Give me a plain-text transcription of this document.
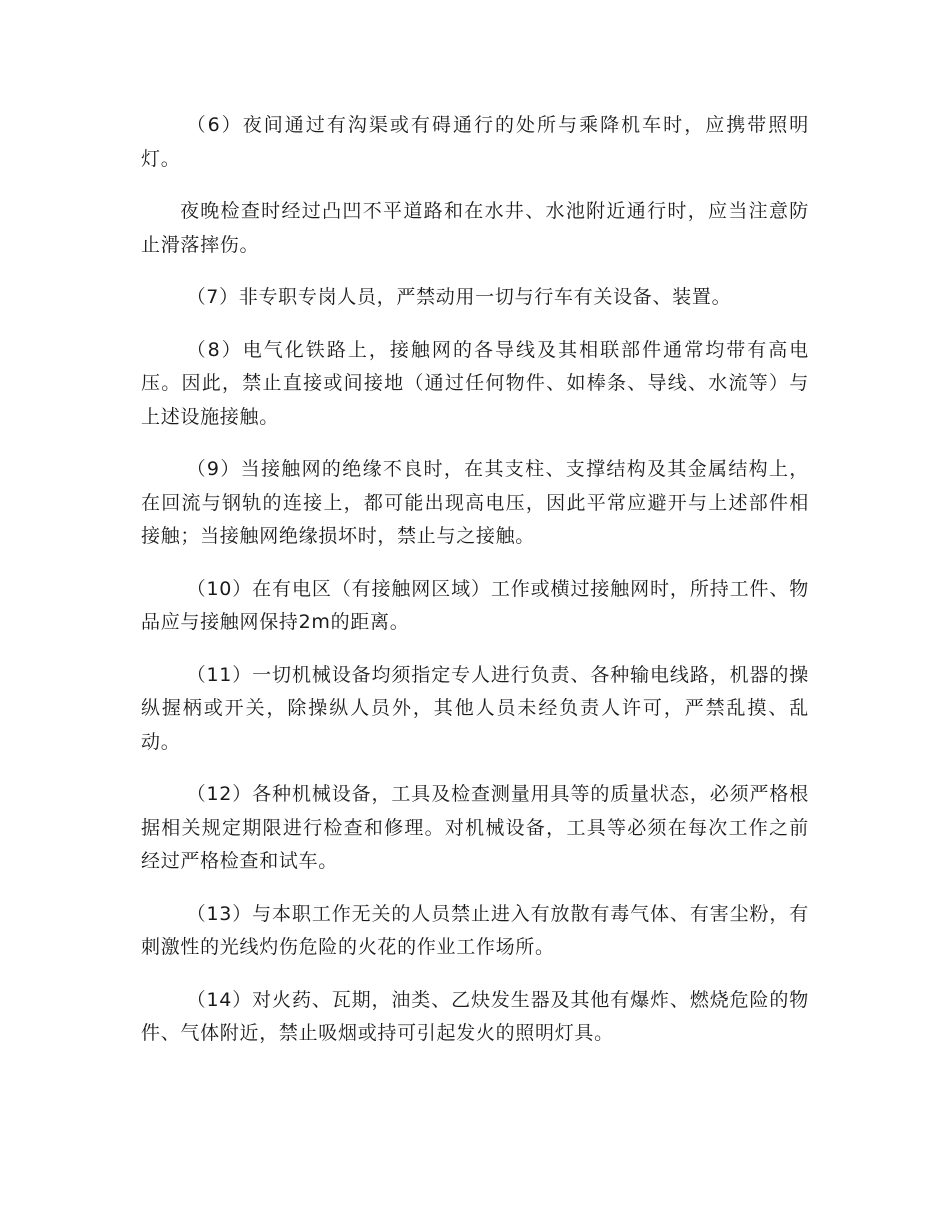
（6）夜间通过有沟渠或有碍通行的处所与乘降机车时，应携带照明灯。

夜晚检查时经过凸凹不平道路和在水井、水池附近通行时，应当注意防止滑落摔伤。

（7）非专职专岗人员，严禁动用一切与行车有关设备、装置。

（8）电气化铁路上，接触网的各导线及其相联部件通常均带有高电压。因此，禁止直接或间接地（通过任何物件、如棒条、导线、水流等）与上述设施接触。

（9）当接触网的绝缘不良时，在其支柱、支撑结构及其金属结构上，在回流与钢轨的连接上，都可能出现高电压，因此平常应避开与上述部件相接触；当接触网绝缘损坏时，禁止与之接触。

（10）在有电区（有接触网区域）工作或横过接触网时，所持工件、物品应与接触网保持2m的距离。

（11）一切机械设备均须指定专人进行负责、各种输电线路，机器的操纵握柄或开关，除操纵人员外，其他人员未经负责人许可，严禁乱摸、乱动。

（12）各种机械设备，工具及检查测量用具等的质量状态，必须严格根据相关规定期限进行检查和修理。对机械设备，工具等必须在每次工作之前经过严格检查和试车。

（13）与本职工作无关的人员禁止进入有放散有毒气体、有害尘粉，有刺激性的光线灼伤危险的火花的作业工作场所。

（14）对火药、瓦期，油类、乙炔发生器及其他有爆炸、燃烧危险的物件、气体附近，禁止吸烟或持可引起发火的照明灯具。
